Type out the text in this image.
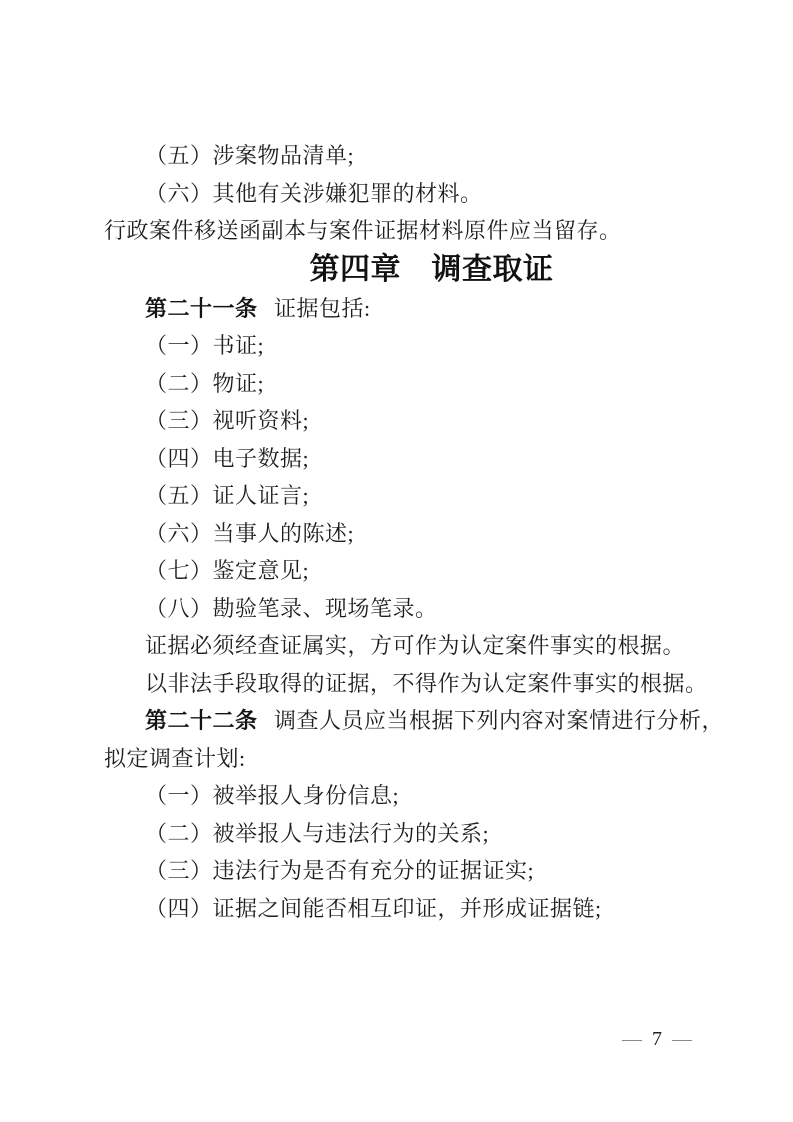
（五）涉案物品清单;

（六）其他有关涉嫌犯罪的材料。

行政案件移送函副本与案件证据材料原件应当留存。

第四章　调查取证

第二十一条 证据包括:

（一）书证;

（二）物证;

（三）视听资料;

（四）电子数据;

（五）证人证言;

（六）当事人的陈述;

（七）鉴定意见;

（八）勘验笔录、现场笔录。

证据必须经查证属实，方可作为认定案件事实的根据。

以非法手段取得的证据，不得作为认定案件事实的根据。

第二十二条 调查人员应当根据下列内容对案情进行分析，

拟定调查计划:

（一）被举报人身份信息;

（二）被举报人与违法行为的关系;

（三）违法行为是否有充分的证据证实;

（四）证据之间能否相互印证，并形成证据链;

— 7 —
